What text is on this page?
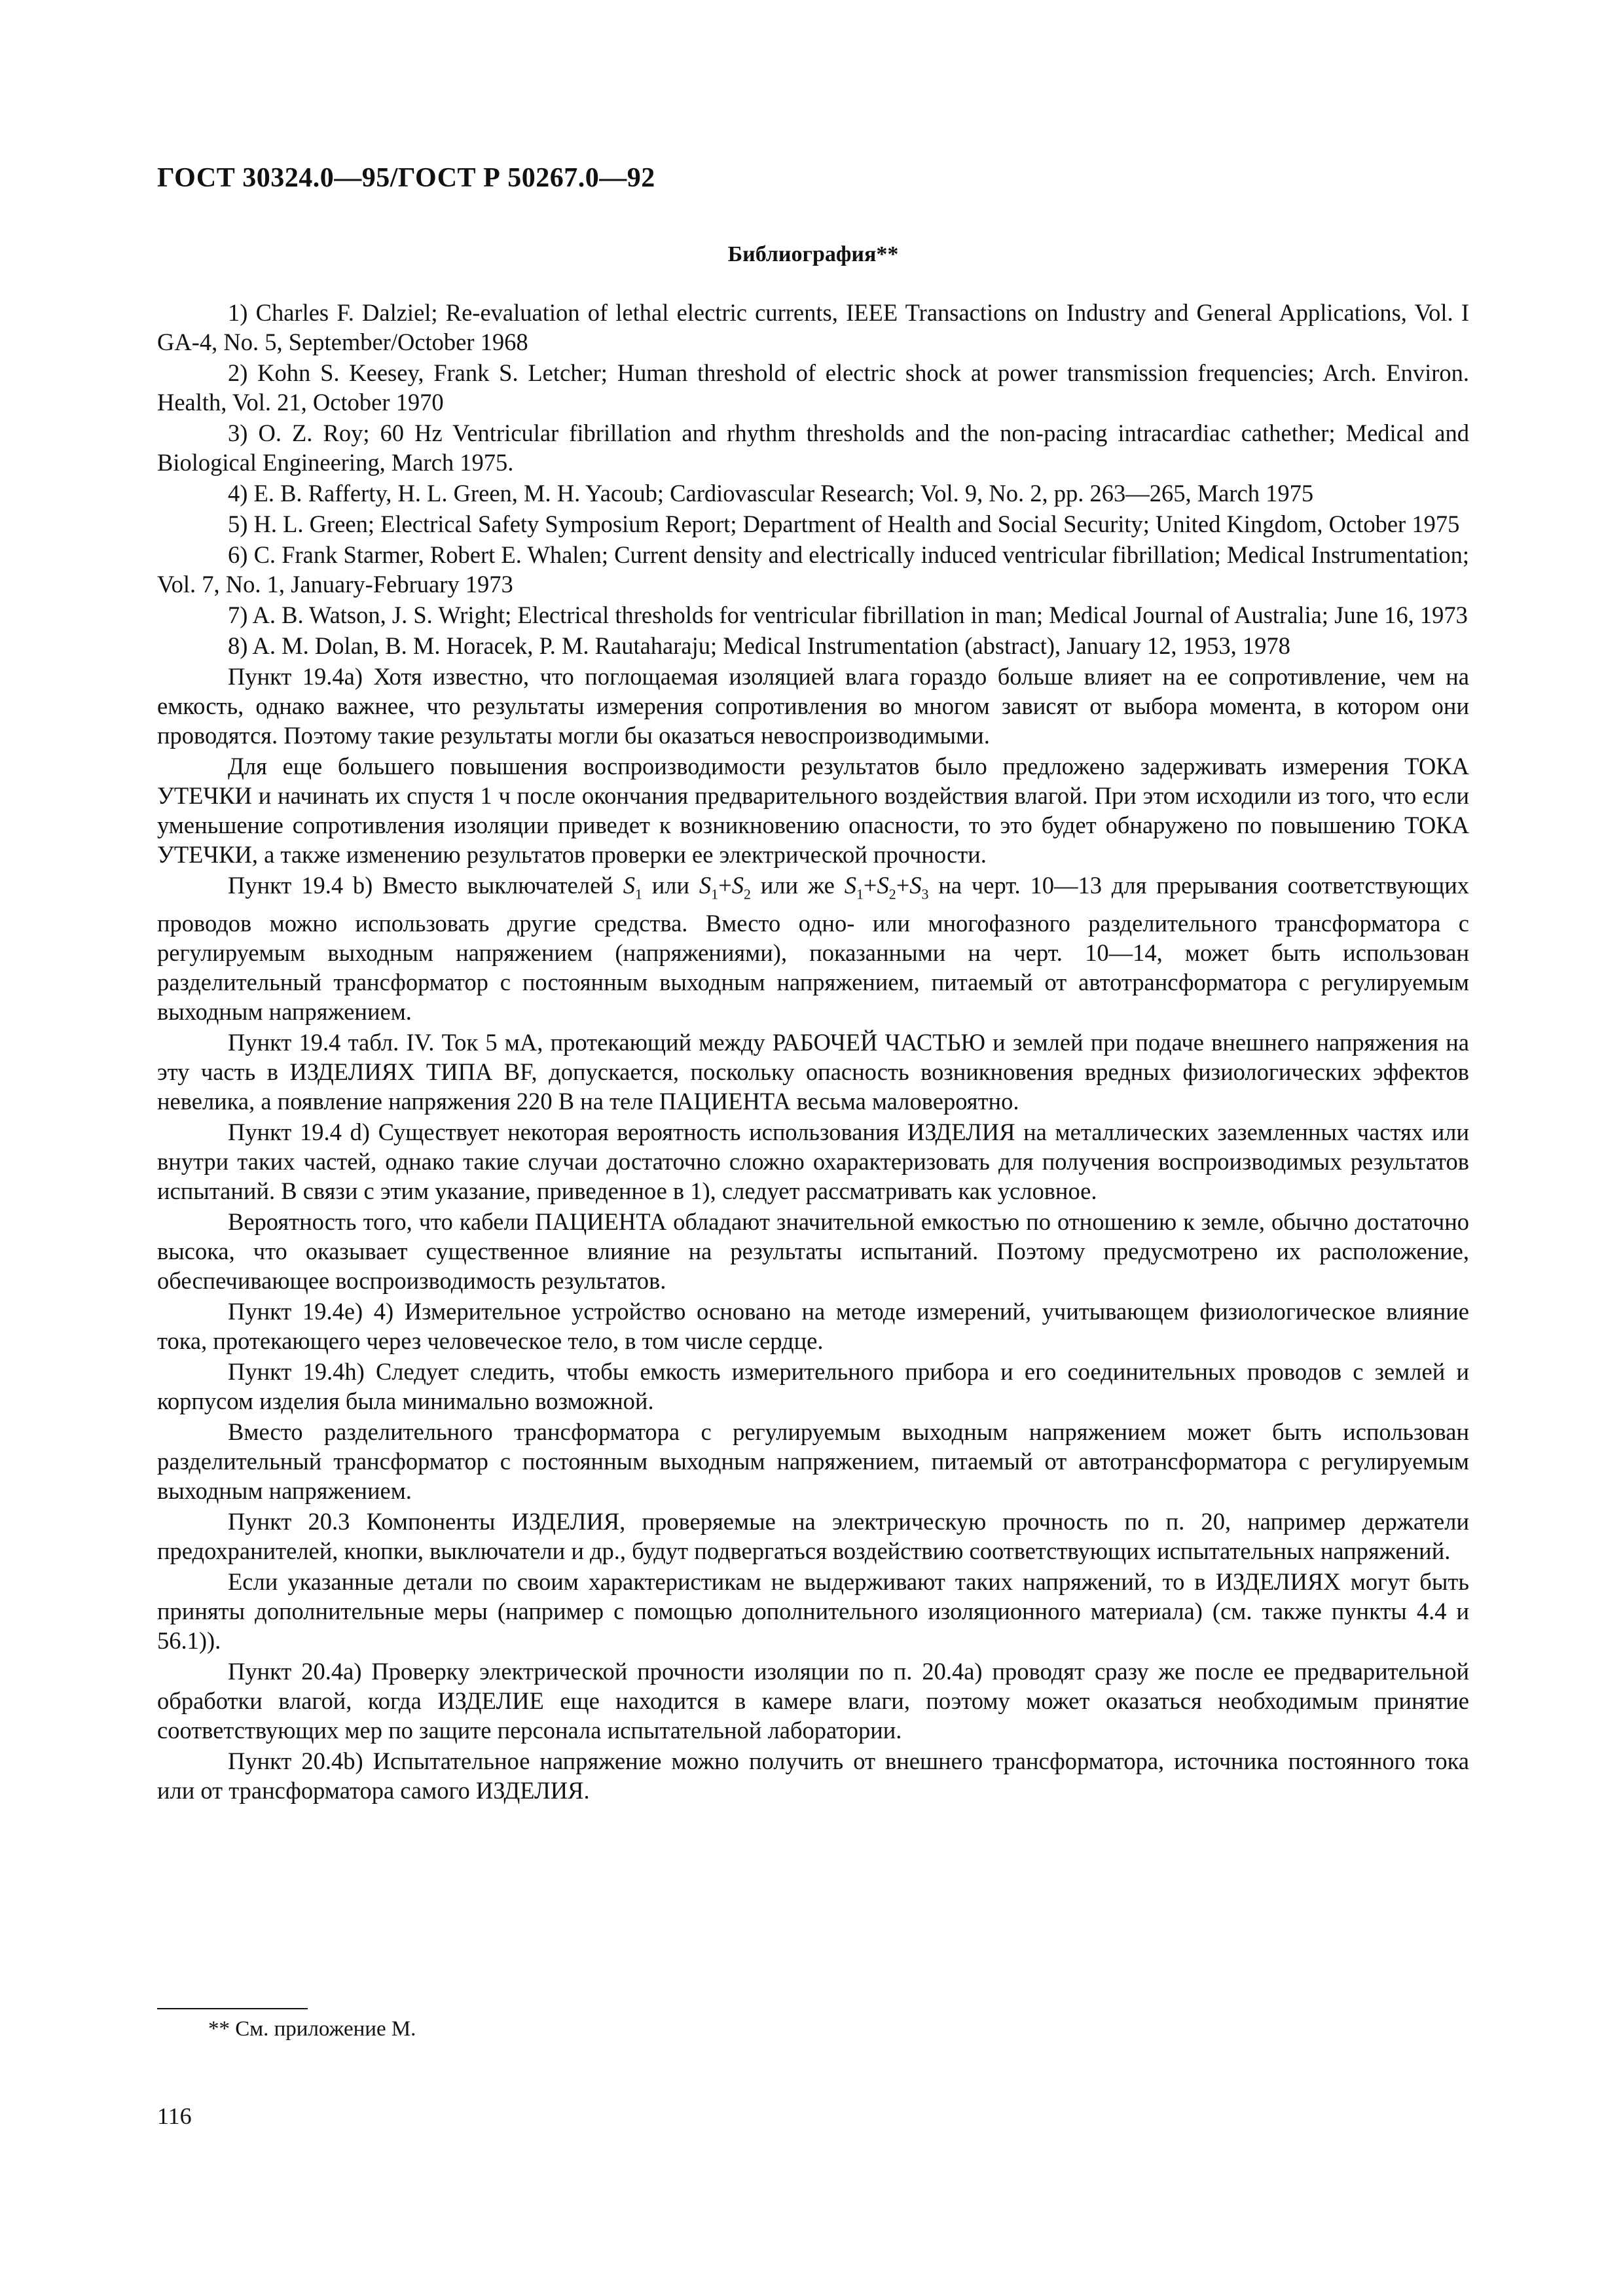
ГОСТ 30324.0—95/ГОСТ Р 50267.0—92
Библиография**

1) Charles F. Dalziel; Re-evaluation of lethal electric currents, IEEE Transactions on Industry and General Applications, Vol. I GA-4, No. 5, September/October 1968

2) Kohn S. Keesey, Frank S. Letcher; Human threshold of electric shock at power transmission frequencies; Arch. Environ. Health, Vol. 21, October 1970

3) O. Z. Roy; 60 Hz Ventricular fibrillation and rhythm thresholds and the non-pacing intracardiac cathether; Medical and Biological Engineering, March 1975.

4) E. B. Rafferty, H. L. Green, M. H. Yacoub; Cardiovascular Research; Vol. 9, No. 2, pp. 263—265, March 1975

5) H. L. Green; Electrical Safety Symposium Report; Department of Health and Social Security; United Kingdom, October 1975

6) C. Frank Starmer, Robert E. Whalen; Current density and electrically induced ventricular fibrillation; Medical Instrumentation; Vol. 7, No. 1, January-February 1973

7) A. B. Watson, J. S. Wright; Electrical thresholds for ventricular fibrillation in man; Medical Journal of Australia; June 16, 1973

8) A. M. Dolan, B. M. Horacek, P. M. Rautaharaju; Medical Instrumentation (abstract), January 12, 1953, 1978

Пункт 19.4a) Хотя известно, что поглощаемая изоляцией влага гораздо больше влияет на ее сопротивление, чем на емкость, однако важнее, что результаты измерения сопротивления во многом зависят от выбора момента, в котором они проводятся. Поэтому такие результаты могли бы оказаться невоспроизводимыми.

Для еще большего повышения воспроизводимости результатов было предложено задерживать измерения ТОКА УТЕЧКИ и начинать их спустя 1 ч после окончания предварительного воздействия влагой. При этом исходили из того, что если уменьшение сопротивления изоляции приведет к возникновению опасности, то это будет обнаружено по повышению ТОКА УТЕЧКИ, а также изменению результатов проверки ее электрической прочности.

Пункт 19.4 b) Вместо выключателей $S_1$ или $S_1+S_2$ или же $S_1+S_2+S_3$ на черт. 10—13 для прерывания соответствующих проводов можно использовать другие средства. Вместо одно- или многофазного разделительного трансформатора с регулируемым выходным напряжением (напряжениями), показанными на черт. 10—14, может быть использован разделительный трансформатор с постоянным выходным напряжением, питаемый от автотрансформатора с регулируемым выходным напряжением.

Пункт 19.4 табл. IV. Ток 5 мА, протекающий между РАБОЧЕЙ ЧАСТЬЮ и землей при подаче внешнего напряжения на эту часть в ИЗДЕЛИЯХ ТИПА BF, допускается, поскольку опасность возникновения вредных физиологических эффектов невелика, а появление напряжения 220 В на теле ПАЦИЕНТА весьма маловероятно.

Пункт 19.4 d) Существует некоторая вероятность использования ИЗДЕЛИЯ на металлических заземленных частях или внутри таких частей, однако такие случаи достаточно сложно охарактеризовать для получения воспроизводимых результатов испытаний. В связи с этим указание, приведенное в 1), следует рассматривать как условное.

Вероятность того, что кабели ПАЦИЕНТА обладают значительной емкостью по отношению к земле, обычно достаточно высока, что оказывает существенное влияние на результаты испытаний. Поэтому предусмотрено их расположение, обеспечивающее воспроизводимость результатов.

Пункт 19.4e) 4) Измерительное устройство основано на методе измерений, учитывающем физиологическое влияние тока, протекающего через человеческое тело, в том числе сердце.

Пункт 19.4h) Следует следить, чтобы емкость измерительного прибора и его соединительных проводов с землей и корпусом изделия была минимально возможной.

Вместо разделительного трансформатора с регулируемым выходным напряжением может быть использован разделительный трансформатор с постоянным выходным напряжением, питаемый от автотрансформатора с регулируемым выходным напряжением.

Пункт 20.3 Компоненты ИЗДЕЛИЯ, проверяемые на электрическую прочность по п. 20, например держатели предохранителей, кнопки, выключатели и др., будут подвергаться воздействию соответствующих испытательных напряжений.

Если указанные детали по своим характеристикам не выдерживают таких напряжений, то в ИЗДЕЛИЯХ могут быть приняты дополнительные меры (например с помощью дополнительного изоляционного материала) (см. также пункты 4.4 и 56.1)).

Пункт 20.4a) Проверку электрической прочности изоляции по п. 20.4a) проводят сразу же после ее предварительной обработки влагой, когда ИЗДЕЛИЕ еще находится в камере влаги, поэтому может оказаться необходимым принятие соответствующих мер по защите персонала испытательной лаборатории.

Пункт 20.4b) Испытательное напряжение можно получить от внешнего трансформатора, источника постоянного тока или от трансформатора самого ИЗДЕЛИЯ.

** См. приложение М.
116
